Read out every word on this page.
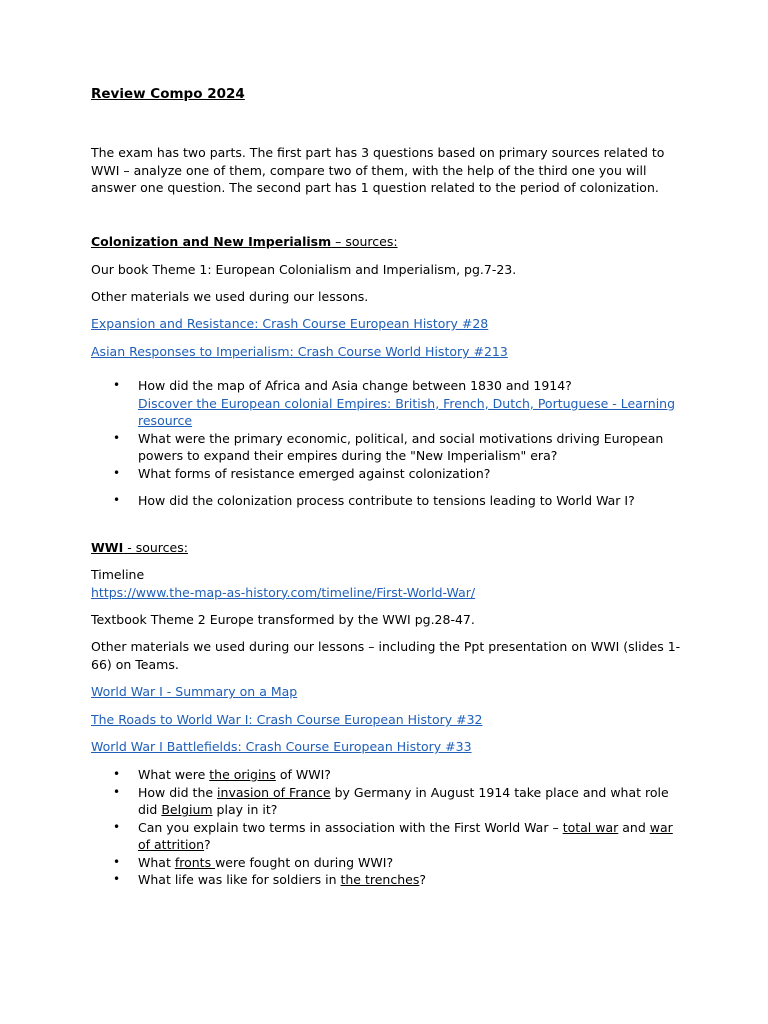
Review Compo 2024
The exam has two parts. The first part has 3 questions based on primary sources related to WWI – analyze one of them, compare two of them, with the help of the third one you will answer one question. The second part has 1 question related to the period of colonization.
Colonization and New Imperialism – sources:
Our book Theme 1: European Colonialism and Imperialism, pg.7-23.
Other materials we used during our lessons.
Expansion and Resistance: Crash Course European History #28
Asian Responses to Imperialism: Crash Course World History #213
• How did the map of Africa and Asia change between 1830 and 1914?
Discover the European colonial Empires: British, French, Dutch, Portuguese - Learning resource
• What were the primary economic, political, and social motivations driving European powers to expand their empires during the "New Imperialism" era?
• What forms of resistance emerged against colonization?
• How did the colonization process contribute to tensions leading to World War I?
WWI - sources:
Timeline
https://www.the-map-as-history.com/timeline/First-World-War/
Textbook Theme 2 Europe transformed by the WWI pg.28-47.
Other materials we used during our lessons – including the Ppt presentation on WWI (slides 1-66) on Teams.
World War I - Summary on a Map
The Roads to World War I: Crash Course European History #32
World War I Battlefields: Crash Course European History #33
• What were the origins of WWI?
• How did the invasion of France by Germany in August 1914 take place and what role did Belgium play in it?
• Can you explain two terms in association with the First World War – total war and war of attrition?
• What fronts were fought on during WWI?
• What life was like for soldiers in the trenches?
